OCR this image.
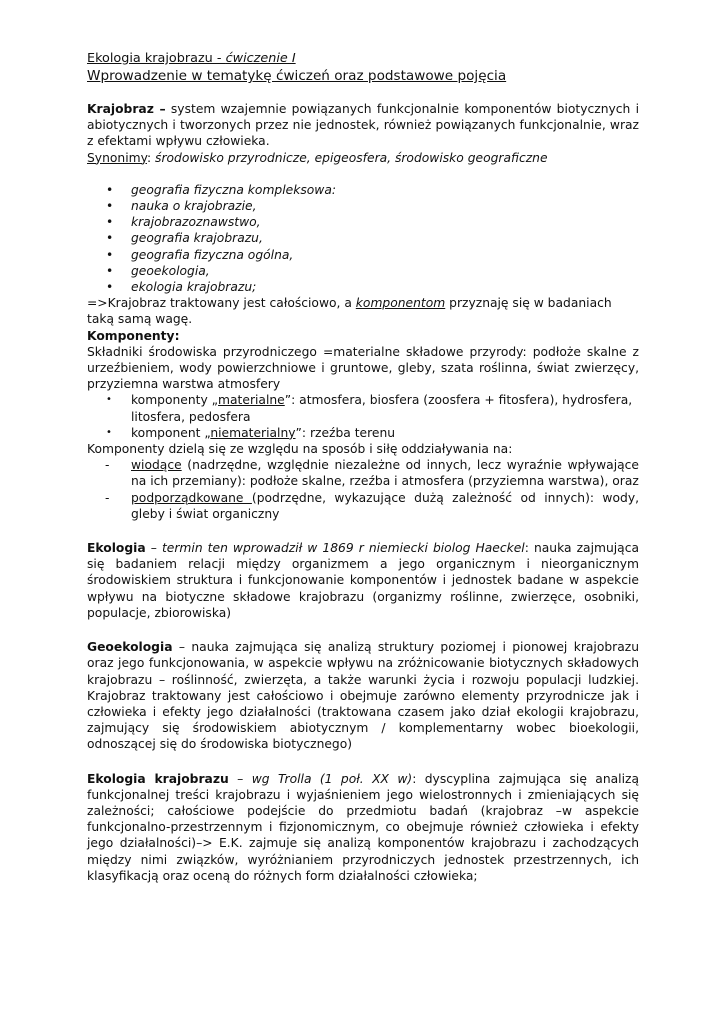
Ekologia krajobrazu - ćwiczenie I

Wprowadzenie w tematykę ćwiczeń oraz podstawowe pojęcia

Krajobraz – system wzajemnie powiązanych funkcjonalnie komponentów biotycznych i abiotycznych i tworzonych przez nie jednostek, również powiązanych funkcjonalnie, wraz z efektami wpływu człowieka.

Synonimy: środowisko przyrodnicze, epigeosfera, środowisko geograficzne

• geografia fizyczna kompleksowa:
• nauka o krajobrazie,
• krajobrazoznawstwo,
• geografia krajobrazu,
• geografia fizyczna ogólna,
• geoekologia,
• ekologia krajobrazu;

=>Krajobraz traktowany jest całościowo, a komponentom przyznaję się w badaniach taką samą wagę.

Komponenty:

Składniki środowiska przyrodniczego =materialne składowe przyrody: podłoże skalne z urzeźbieniem, wody powierzchniowe i gruntowe, gleby, szata roślinna, świat zwierzęcy, przyziemna warstwa atmosfery

• komponenty „materialne”: atmosfera, biosfera (zoosfera + fitosfera), hydrosfera, litosfera, pedosfera
• komponent „niematerialny”: rzeźba terenu

Komponenty dzielą się ze względu na sposób i siłę oddziaływania na:

- wiodące (nadrzędne, względnie niezależne od innych, lecz wyraźnie wpływające na ich przemiany): podłoże skalne, rzeźba i atmosfera (przyziemna warstwa), oraz
- podporządkowane (podrzędne, wykazujące dużą zależność od innych): wody, gleby i świat organiczny

Ekologia – termin ten wprowadził w 1869 r niemiecki biolog Haeckel: nauka zajmująca się badaniem relacji między organizmem a jego organicznym i nieorganicznym środowiskiem struktura i funkcjonowanie komponentów i jednostek badane w aspekcie wpływu na biotyczne składowe krajobrazu (organizmy roślinne, zwierzęce, osobniki, populacje, zbiorowiska)

Geoekologia – nauka zajmująca się analizą struktury poziomej i pionowej krajobrazu oraz jego funkcjonowania, w aspekcie wpływu na zróżnicowanie biotycznych składowych krajobrazu – roślinność, zwierzęta, a także warunki życia i rozwoju populacji ludzkiej. Krajobraz traktowany jest całościowo i obejmuje zarówno elementy przyrodnicze jak i człowieka i efekty jego działalności (traktowana czasem jako dział ekologii krajobrazu, zajmujący się środowiskiem abiotycznym / komplementarny wobec bioekologii, odnoszącej się do środowiska biotycznego)

Ekologia krajobrazu – wg Trolla (1 poł. XX w): dyscyplina zajmująca się analizą funkcjonalnej treści krajobrazu i wyjaśnieniem jego wielostronnych i zmieniających się zależności; całościowe podejście do przedmiotu badań (krajobraz –w aspekcie funkcjonalno-przestrzennym i fizjonomicznym, co obejmuje również człowieka i efekty jego działalności)–> E.K. zajmuje się analizą komponentów krajobrazu i zachodzących między nimi związków, wyróżnianiem przyrodniczych jednostek przestrzennych, ich klasyfikacją oraz oceną do różnych form działalności człowieka;
